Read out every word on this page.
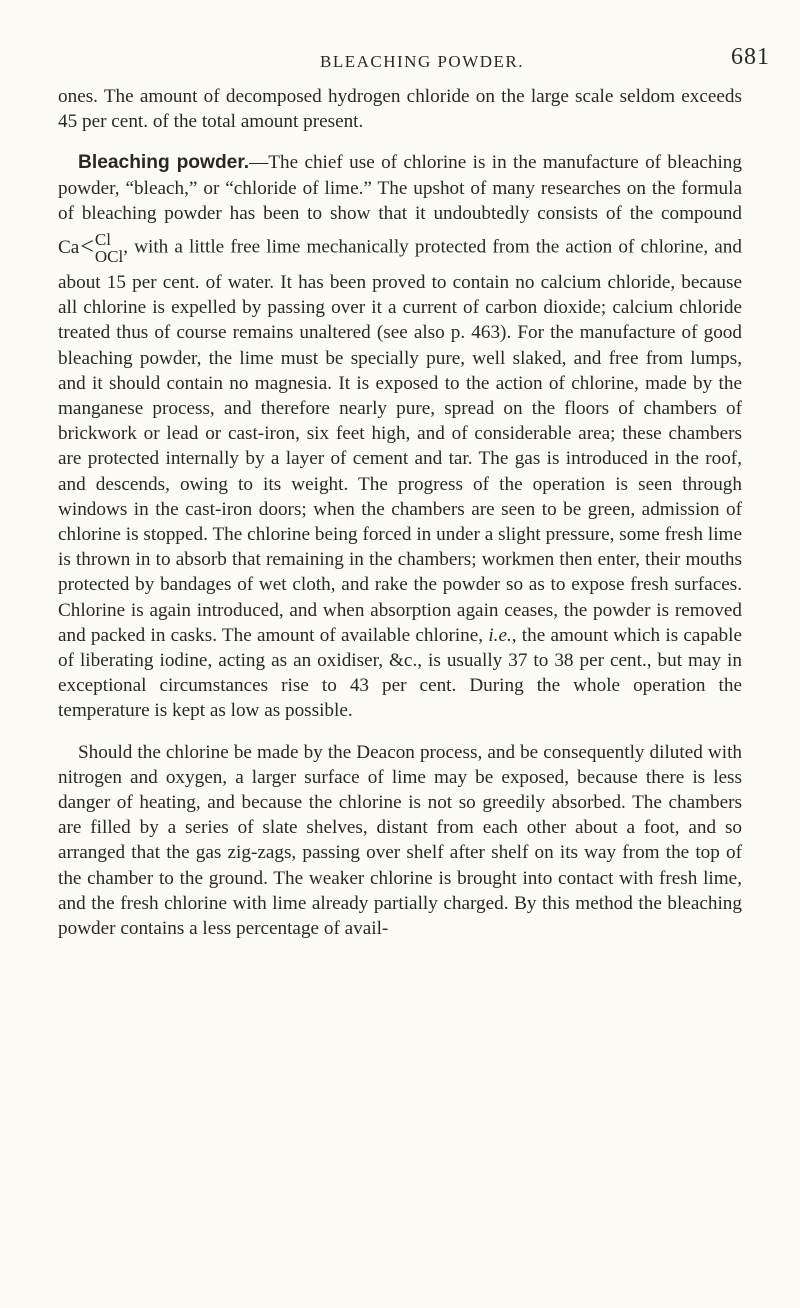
BLEACHING POWDER.	681

ones. The amount of decomposed hydrogen chloride on the large scale seldom exceeds 45 per cent. of the total amount present.

Bleaching powder.—The chief use of chlorine is in the manufacture of bleaching powder, “bleach,” or “chloride of lime.” The upshot of many researches on the formula of bleaching powder has been to show that it undoubtedly consists of the compound
Ca < Cl
OCl , with a little free lime mechanically protected from the action of chlorine, and about 15 per cent. of water. It has been proved to contain no calcium chloride, because all chlorine is expelled by passing over it a current of carbon dioxide; calcium chloride treated thus of course remains unaltered (see also p. 463). For the manufacture of good bleaching powder, the lime must be specially pure, well slaked, and free from lumps, and it should contain no magnesia. It is exposed to the action of chlorine, made by the manganese process, and therefore nearly pure, spread on the floors of chambers of brickwork or lead or cast-iron, six feet high, and of considerable area; these chambers are protected internally by a layer of cement and tar. The gas is introduced in the roof, and descends, owing to its weight. The progress of the operation is seen through windows in the cast-iron doors; when the chambers are seen to be green, admission of chlorine is stopped. The chlorine being forced in under a slight pressure, some fresh lime is thrown in to absorb that remaining in the chambers; workmen then enter, their mouths protected by bandages of wet cloth, and rake the powder so as to expose fresh surfaces. Chlorine is again introduced, and when absorption again ceases, the powder is removed and packed in casks. The amount of available chlorine, i.e., the amount which is capable of liberating iodine, acting as an oxidiser, &c., is usually 37 to 38 per cent., but may in exceptional circumstances rise to 43 per cent. During the whole operation the temperature is kept as low as possible.

Should the chlorine be made by the Deacon process, and be consequently diluted with nitrogen and oxygen, a larger surface of lime may be exposed, because there is less danger of heating, and because the chlorine is not so greedily absorbed. The chambers are filled by a series of slate shelves, distant from each other about a foot, and so arranged that the gas zig-zags, passing over shelf after shelf on its way from the top of the chamber to the ground. The weaker chlorine is brought into contact with fresh lime, and the fresh chlorine with lime already partially charged. By this method the bleaching powder contains a less percentage of avail-
